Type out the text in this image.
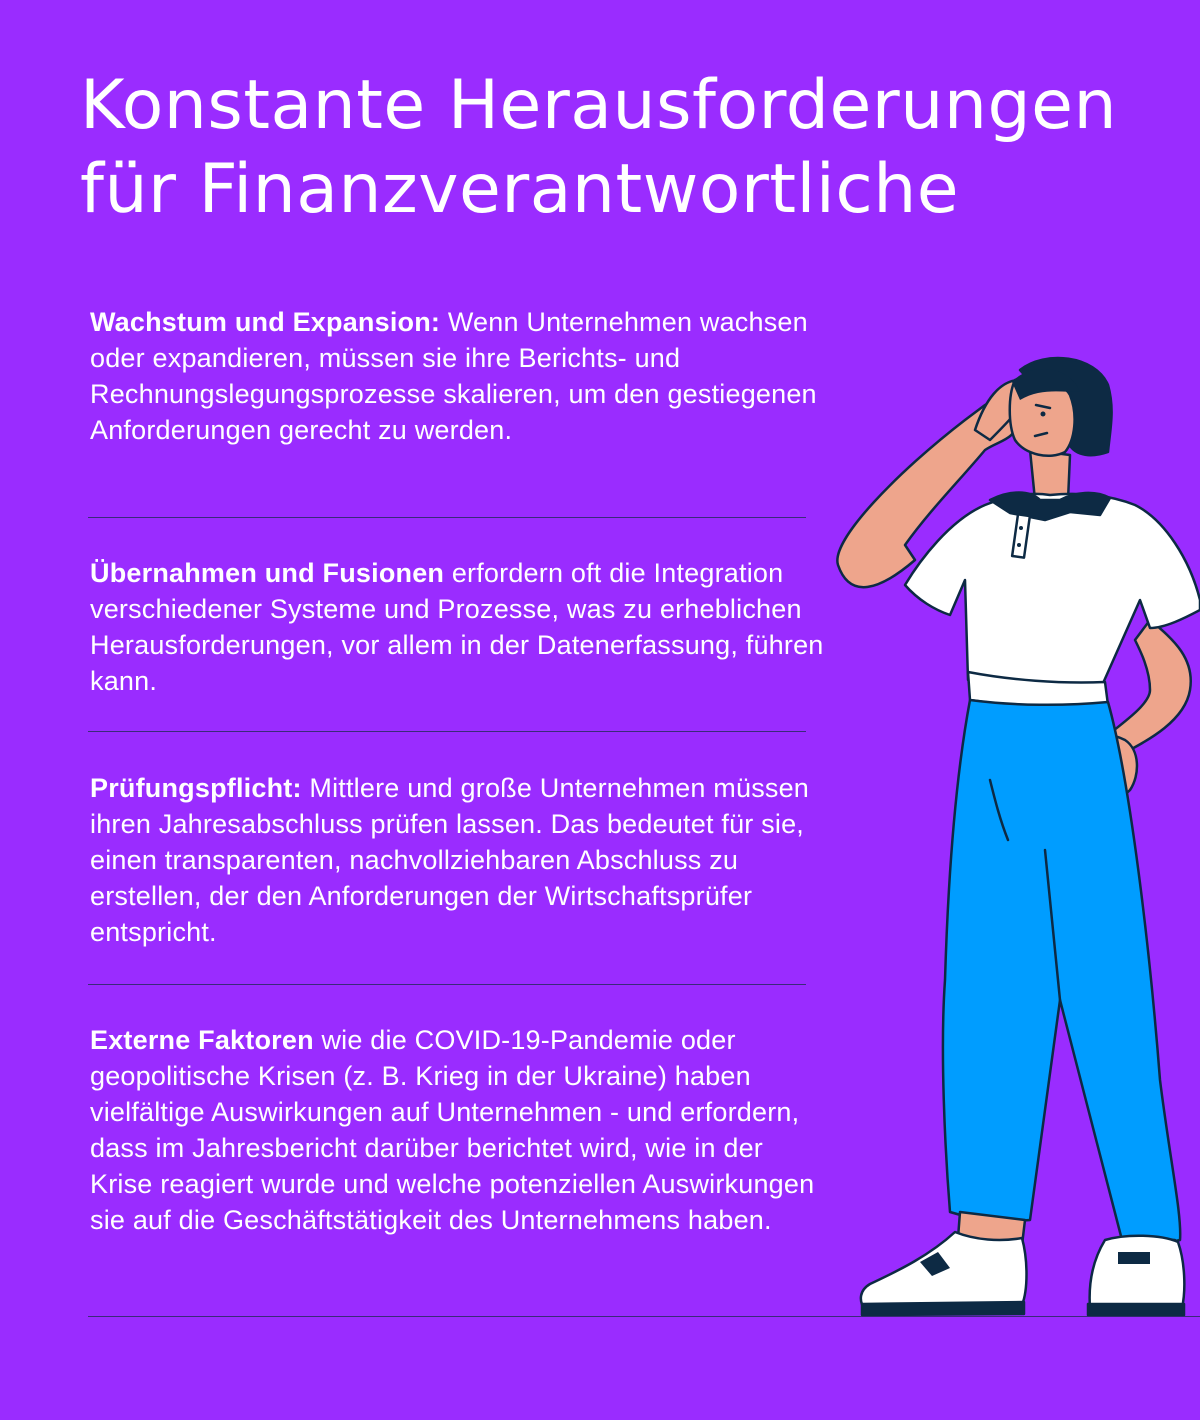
Konstante Herausforderungen
für Finanzverantwortliche
Wachstum und Expansion: Wenn Unternehmen wachsen oder expandieren, müssen sie ihre Berichts- und Rechnungslegungsprozesse skalieren, um den gestiegenen Anforderungen gerecht zu werden.
Übernahmen und Fusionen erfordern oft die Integration verschiedener Systeme und Prozesse, was zu erheblichen Herausforderungen, vor allem in der Datenerfassung, führen kann.
Prüfungspflicht: Mittlere und große Unternehmen müssen ihren Jahresabschluss prüfen lassen. Das bedeutet für sie, einen transparenten, nachvollziehbaren Abschluss zu erstellen, der den Anforderungen der Wirtschaftsprüfer entspricht.
Externe Faktoren wie die COVID-19-Pandemie oder geopolitische Krisen (z. B. Krieg in der Ukraine) haben vielfältige Auswirkungen auf Unternehmen - und erfordern, dass im Jahresbericht darüber berichtet wird, wie in der Krise reagiert wurde und welche potenziellen Auswirkungen sie auf die Geschäftstätigkeit des Unternehmens haben.
